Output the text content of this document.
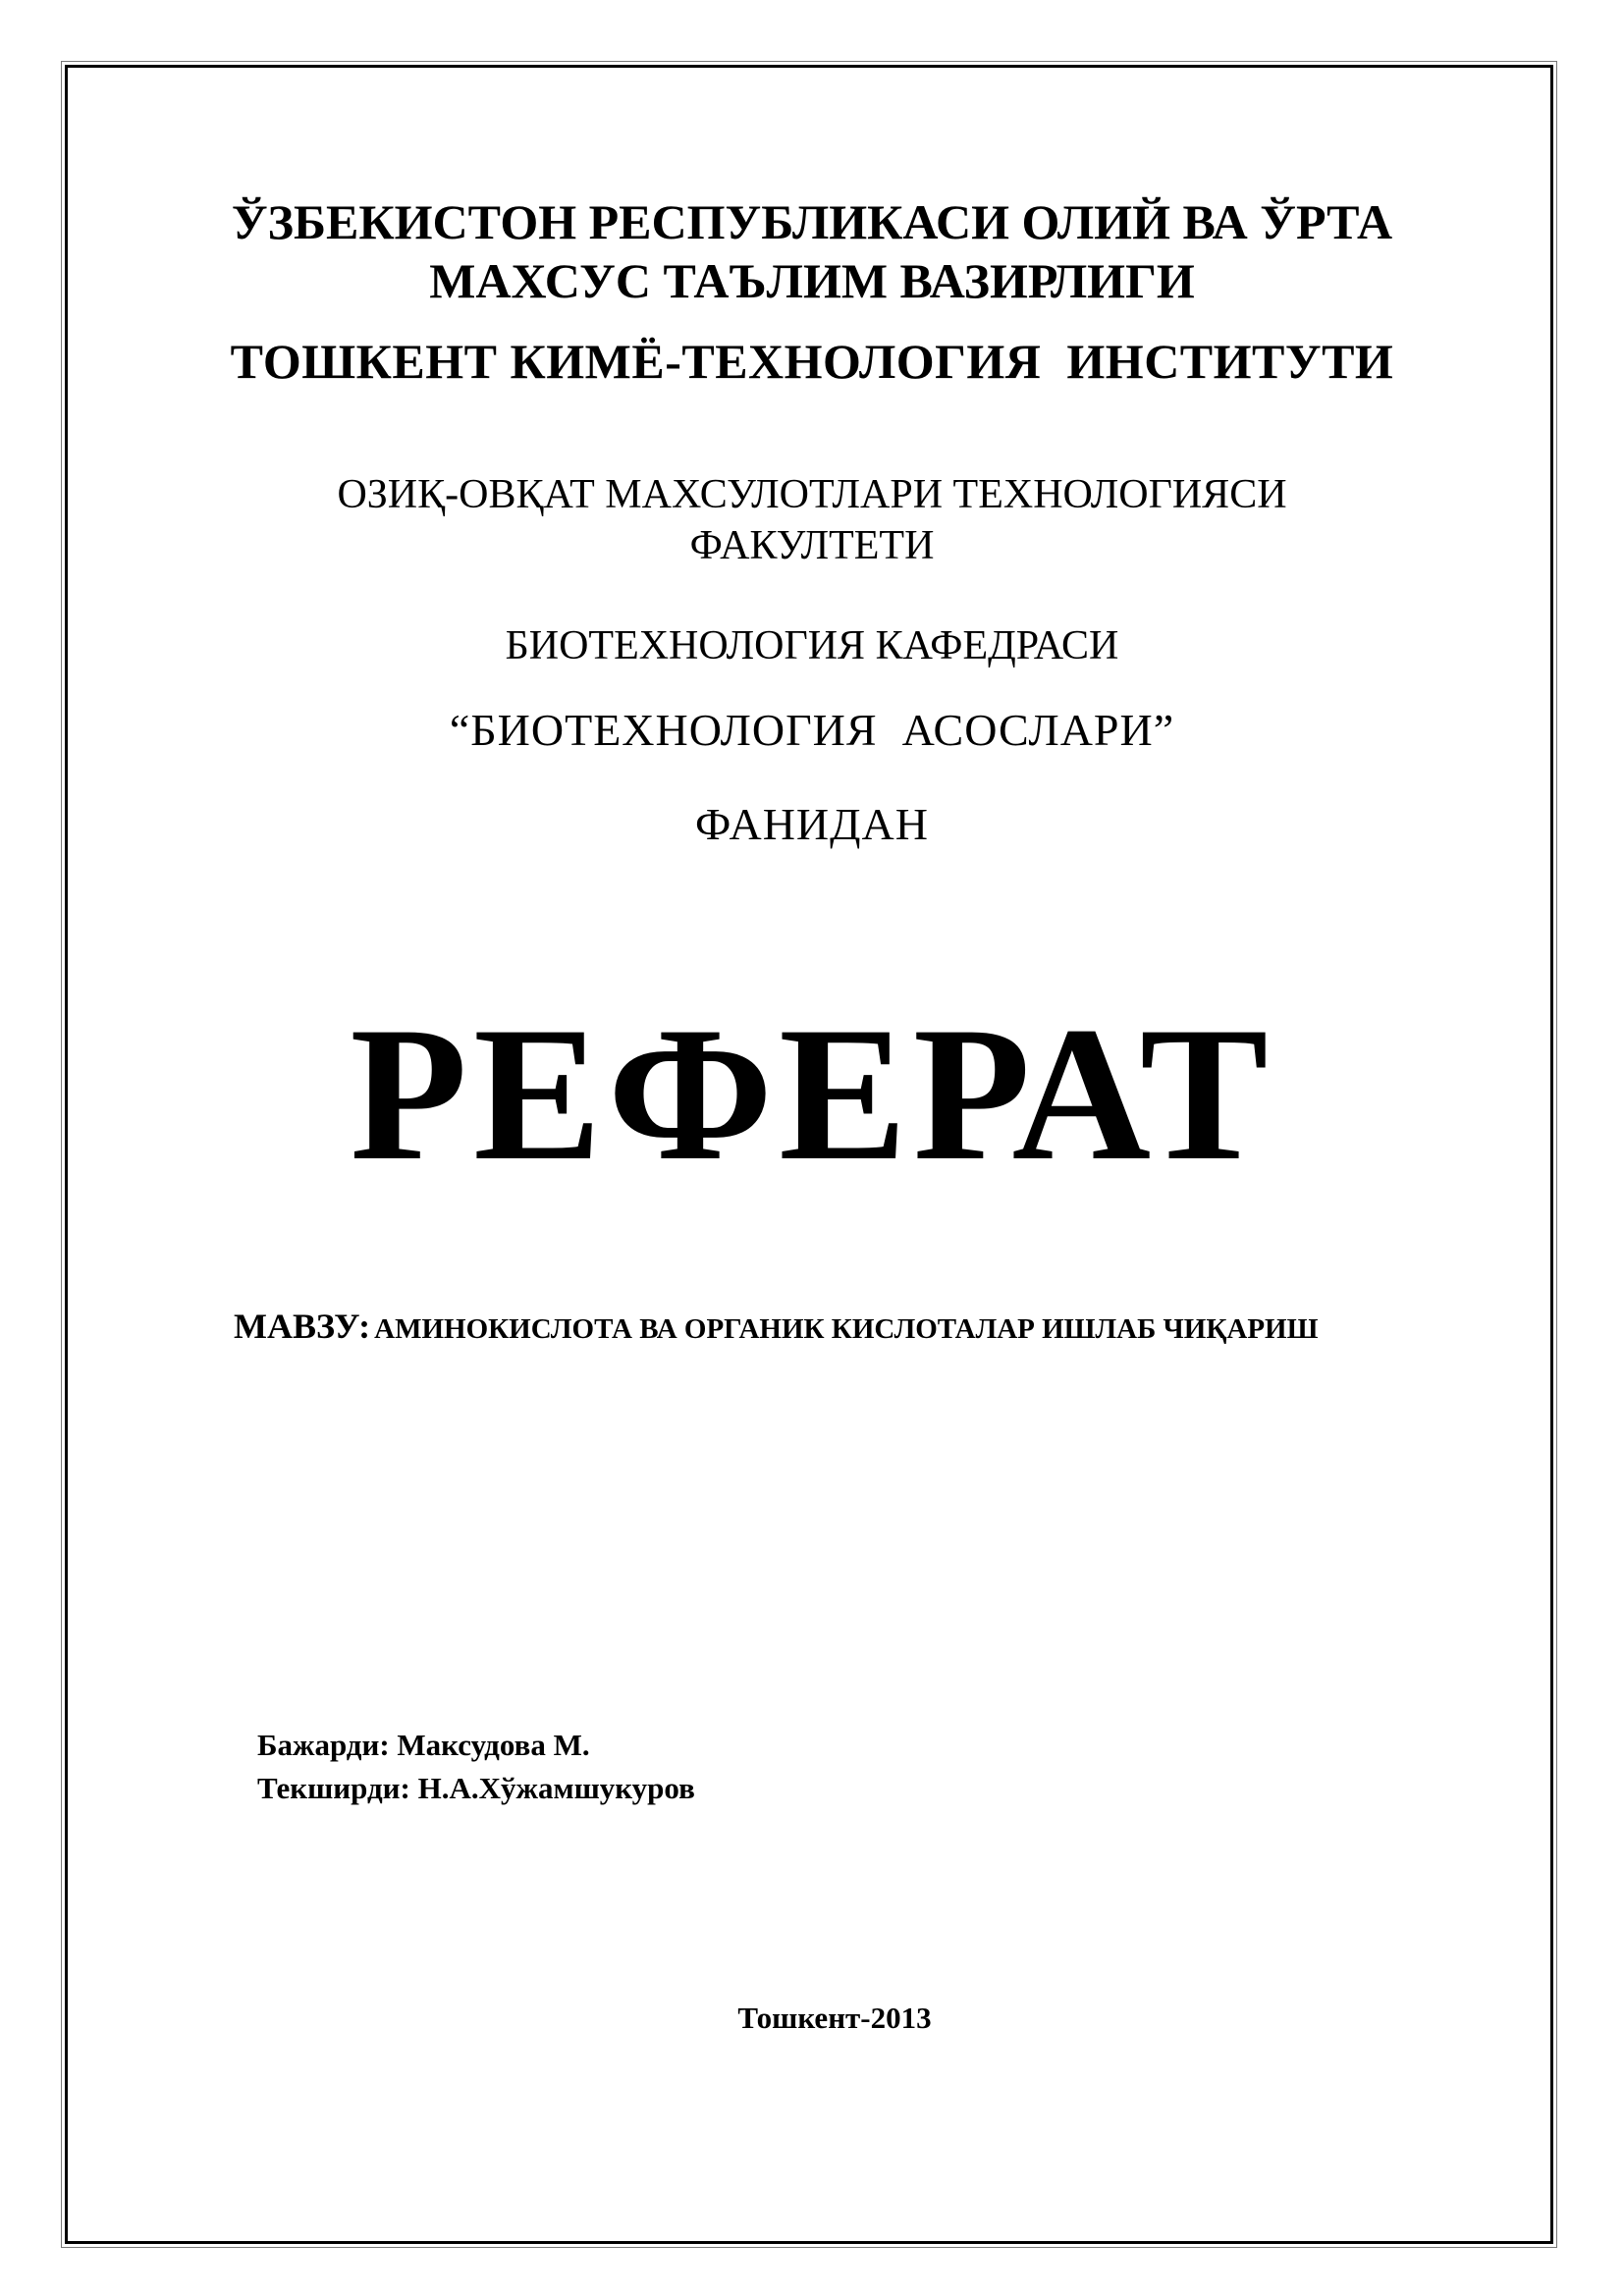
ЎЗБЕКИСТОН РЕСПУБЛИКАСИ ОЛИЙ ВА ЎРТА
МАХСУС ТАЪЛИМ ВАЗИРЛИГИ
ТОШКЕНТ КИМЁ-ТЕХНОЛОГИЯ  ИНСТИТУТИ
ОЗИҚ-ОВҚАТ МАХСУЛОТЛАРИ ТЕХНОЛОГИЯСИ
ФАКУЛТЕТИ
БИОТЕХНОЛОГИЯ КАФЕДРАСИ
“БИОТЕХНОЛОГИЯ  АСОСЛАРИ”
ФАНИДАН
РЕФЕРАТ
МАВЗУ: АМИНОКИСЛОТА ВА ОРГАНИК КИСЛОТАЛАР ИШЛАБ ЧИҚАРИШ
Бажарди: Максудова М.
Текширди: Н.А.Хўжамшукуров
Тошкент-2013
